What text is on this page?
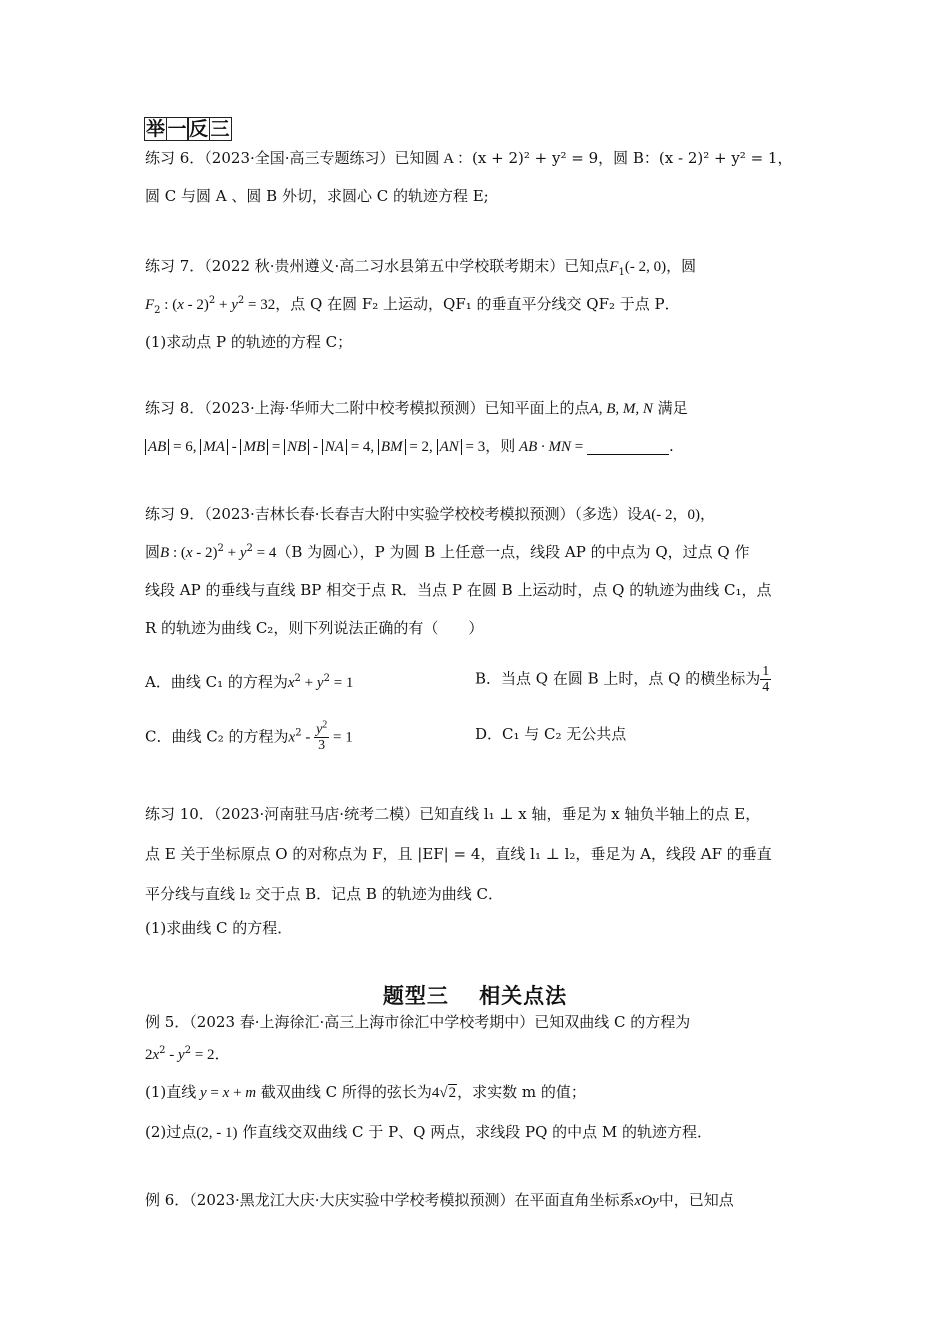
举 一 反 三
练习 6．（2023·全国·高三专题练习）已知圆 A ：(x + 2)² + y² = 9，圆 B：(x - 2)² + y² = 1，
圆 C 与圆 A 、圆 B 外切，求圆心 C 的轨迹方程 E;
练习 7．（2022 秋·贵州遵义·高二习水县第五中学校联考期末）已知点$F_1(-$ 2, 0)，圆
$F_2$ : $(x - 2)^2 + y^2 = 32$，点 Q 在圆 F₂ 上运动，QF₁ 的垂直平分线交 QF₂ 于点 P．
(1)求动点 P 的轨迹的方程 C；
练习 8．（2023·上海·华师大二附中校考模拟预测）已知平面上的点A, B, M, N 满足
AB = 6, MA - MB = NB - NA = 4, BM = 2, AN = 3，则 AB · MN =	.
练习 9．（2023·吉林长春·长春吉大附中实验学校校考模拟预测）（多选）设A(- 2，0)，
圆B : $(x - 2)^2 + y^2 = 4(B$ 为圆心），P 为圆 B 上任意一点，线段 AP 的中点为 Q，过点 Q 作
线段 AP 的垂线与直线 BP 相交于点 R．当点 P 在圆 B 上运动时，点 Q 的轨迹为曲线 C₁，点
R 的轨迹为曲线 C₂，则下列说法正确的有（　　）
A．曲线 C₁ 的方程为$x^2 + y^2 = 1$	B．当点 Q 在圆 B 上时，点 Q 的横坐标为 $\frac{1}{4}$
C．曲线 C₂ 的方程为$x^2 - \frac{y^2}{3} = 1$	D．C₁ 与 C₂ 无公共点
练习 10．（2023·河南驻马店·统考二模）已知直线 l₁ ⊥ x 轴，垂足为 x 轴负半轴上的点 E，
点 E 关于坐标原点 O 的对称点为 F，且 |EF| = 4，直线 l₁ ⊥ l₂，垂足为 A，线段 AF 的垂直
平分线与直线 l₂ 交于点 B．记点 B 的轨迹为曲线 C．
(1)求曲线 C 的方程．
题型三　 相关点法
例 5．（2023 春·上海徐汇·高三上海市徐汇中学校考期中）已知双曲线 C 的方程为
$2x^2 - y^2 = 2$．
(1)直线 y = x + m 截双曲线 C 所得的弦长为4√2，求实数 m 的值；
(2)过点(2, - 1) 作直线交双曲线 C 于 P、Q 两点，求线段 PQ 的中点 M 的轨迹方程．
例 6．（2023·黑龙江大庆·大庆实验中学校考模拟预测）在平面直角坐标系xOy中，已知点
